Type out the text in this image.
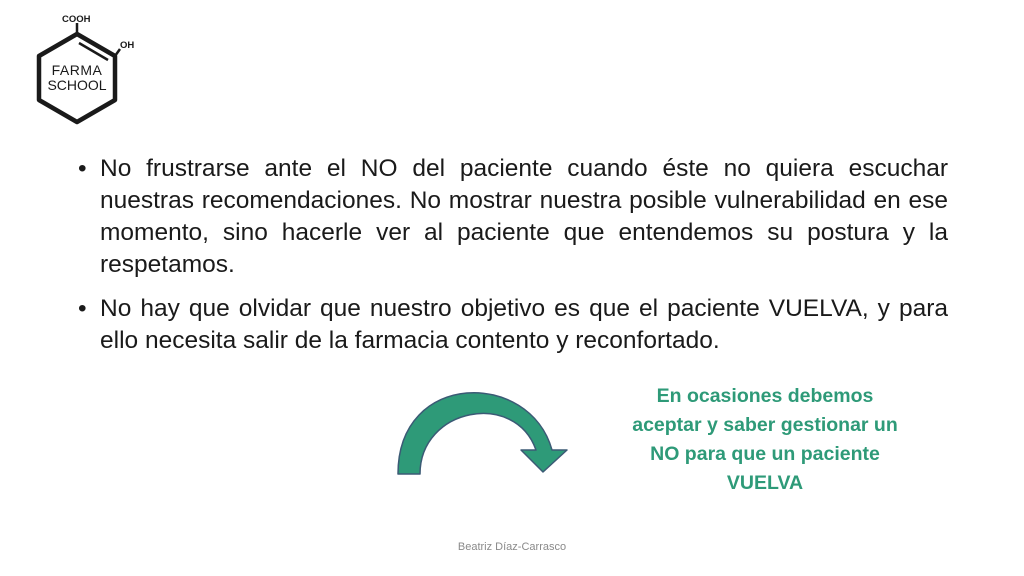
COOH
OH
FARMA
SCHOOL

• No frustrarse ante el NO del paciente cuando éste no quiera escuchar nuestras recomendaciones. No mostrar nuestra posible vulnerabilidad en ese momento, sino hacerle ver al paciente que entendemos su postura y la respetamos.

• No hay que olvidar que nuestro objetivo es que el paciente VUELVA, y para ello necesita salir de la farmacia contento y reconfortado.

En ocasiones debemos
aceptar y saber gestionar un
NO para que un paciente
VUELVA
Beatriz Díaz-Carrasco
